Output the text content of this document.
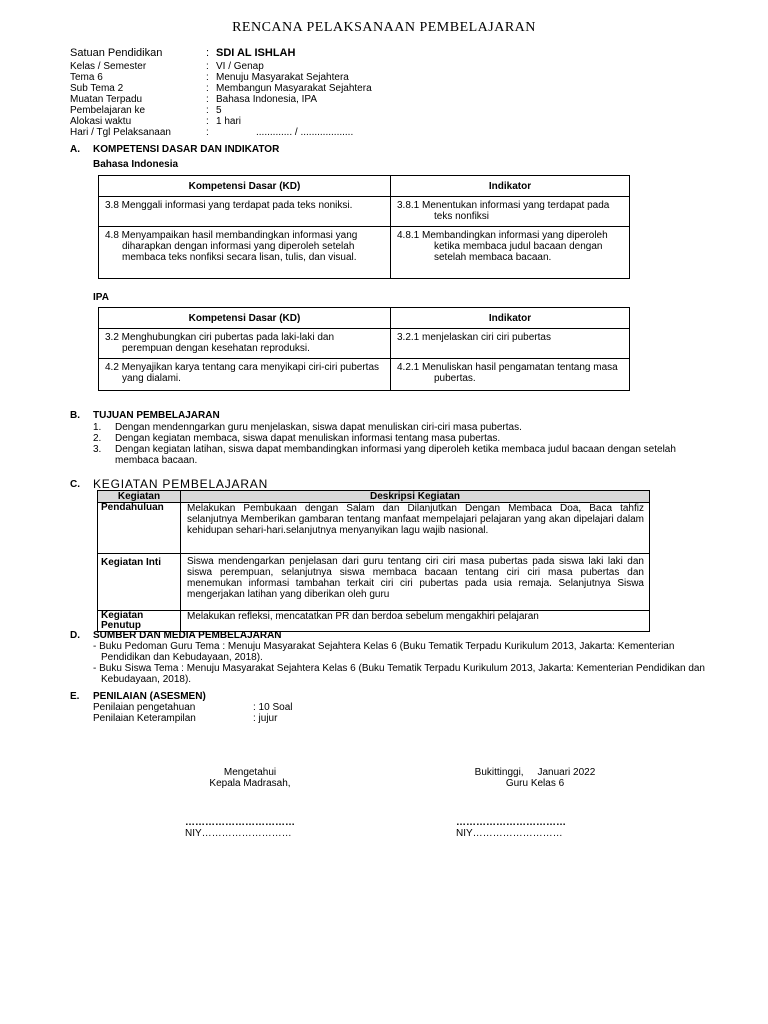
RENCANA PELAKSANAAN PEMBELAJARAN
Satuan Pendidikan	: SDI AL ISHLAH
Kelas / Semester	: VI / Genap
Tema 6	: Menuju Masyarakat Sejahtera
Sub Tema 2	: Membangun Masyarakat Sejahtera
Muatan Terpadu	: Bahasa Indonesia, IPA
Pembelajaran ke	: 5
Alokasi waktu	: 1 hari
Hari / Tgl Pelaksanaan	:	............. / ...................
A. KOMPETENSI DASAR DAN INDIKATOR
Bahasa Indonesia
Kompetensi Dasar (KD)	Indikator

3.8 Menggali informasi yang terdapat pada teks noniksi.	3.8.1 Menentukan informasi yang terdapat pada teks nonfiksi

4.8 Menyampaikan hasil membandingkan informasi yang diharapkan dengan informasi yang diperoleh setelah membaca teks nonfiksi secara lisan, tulis, dan visual.	4.8.1 Membandingkan informasi yang diperoleh ketika membaca judul bacaan dengan setelah membaca bacaan.
IPA
Kompetensi Dasar (KD)	Indikator

3.2 Menghubungkan ciri pubertas pada laki-laki dan perempuan dengan kesehatan reproduksi.	3.2.1 menjelaskan ciri ciri pubertas

4.2 Menyajikan karya tentang cara menyikapi ciri-ciri pubertas yang dialami.	4.2.1 Menuliskan hasil pengamatan tentang masa pubertas.
B. TUJUAN PEMBELAJARAN
1. Dengan mendenngarkan guru menjelaskan, siswa dapat menuliskan ciri-ciri masa pubertas.
2. Dengan kegiatan membaca, siswa dapat menuliskan informasi tentang masa pubertas.
3. Dengan kegiatan latihan, siswa dapat membandingkan informasi yang diperoleh ketika membaca judul bacaan dengan setelah membaca bacaan.
C. KEGIATAN PEMBELAJARAN
Kegiatan	Deskripsi Kegiatan
Pendahuluan	Melakukan Pembukaan dengan Salam dan Dilanjutkan Dengan Membaca Doa, Baca tahfiz selanjutnya Memberikan gambaran tentang manfaat mempelajari pelajaran yang akan dipelajari dalam kehidupan sehari-hari.selanjutnya menyanyikan lagu wajib nasional.
Kegiatan Inti	Siswa mendengarkan penjelasan dari guru tentang ciri ciri masa pubertas pada siswa laki laki dan siswa perempuan, selanjutnya siswa membaca bacaan tentang ciri ciri masa pubertas dan menemukan informasi tambahan terkait ciri ciri pubertas pada usia remaja. Selanjutnya Siswa mengerjakan latihan yang diberikan oleh guru
Kegiatan Penutup	Melakukan refleksi, mencatatkan PR dan berdoa sebelum mengakhiri pelajaran
D. SUMBER DAN MEDIA PEMBELAJARAN
- Buku Pedoman Guru Tema : Menuju Masyarakat Sejahtera Kelas 6 (Buku Tematik Terpadu Kurikulum 2013, Jakarta: Kementerian Pendidikan dan Kebudayaan, 2018).
- Buku Siswa Tema : Menuju Masyarakat Sejahtera Kelas 6 (Buku Tematik Terpadu Kurikulum 2013, Jakarta: Kementerian Pendidikan dan Kebudayaan, 2018).
E. PENILAIAN (ASESMEN)
Penilaian pengetahuan	: 10 Soal
Penilaian Keterampilan	: jujur
Mengetahui
Kepala Madrasah,
Bukittinggi,     Januari 2022
Guru Kelas 6
……………………………
NIY………………………
……………………………
NIY………………………
